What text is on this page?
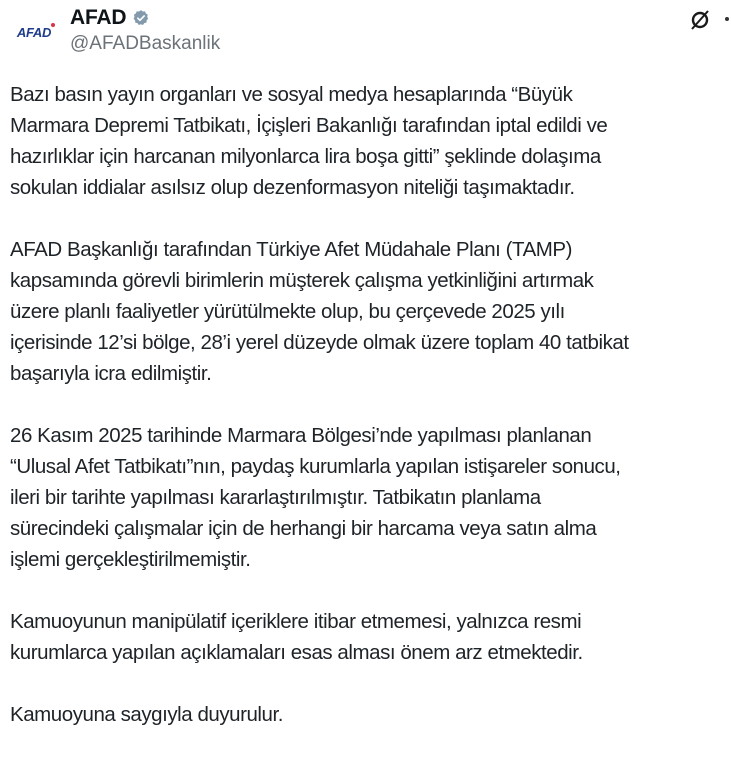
AFAD
AFAD
@AFADBaskanlik

Bazı basın yayın organları ve sosyal medya hesaplarında “Büyük
Marmara Depremi Tatbikatı, İçişleri Bakanlığı tarafından iptal edildi ve
hazırlıklar için harcanan milyonlarca lira boşa gitti” şeklinde dolaşıma
sokulan iddialar asılsız olup dezenformasyon niteliği taşımaktadır.

AFAD Başkanlığı tarafından Türkiye Afet Müdahale Planı (TAMP)
kapsamında görevli birimlerin müşterek çalışma yetkinliğini artırmak
üzere planlı faaliyetler yürütülmekte olup, bu çerçevede 2025 yılı
içerisinde 12’si bölge, 28’i yerel düzeyde olmak üzere toplam 40 tatbikat
başarıyla icra edilmiştir.

26 Kasım 2025 tarihinde Marmara Bölgesi’nde yapılması planlanan
“Ulusal Afet Tatbikatı”nın, paydaş kurumlarla yapılan istişareler sonucu,
ileri bir tarihte yapılması kararlaştırılmıştır. Tatbikatın planlama
sürecindeki çalışmalar için de herhangi bir harcama veya satın alma
işlemi gerçekleştirilmemiştir.

Kamuoyunun manipülatif içeriklere itibar etmemesi, yalnızca resmi
kurumlarca yapılan açıklamaları esas alması önem arz etmektedir.

Kamuoyuna saygıyla duyurulur.
